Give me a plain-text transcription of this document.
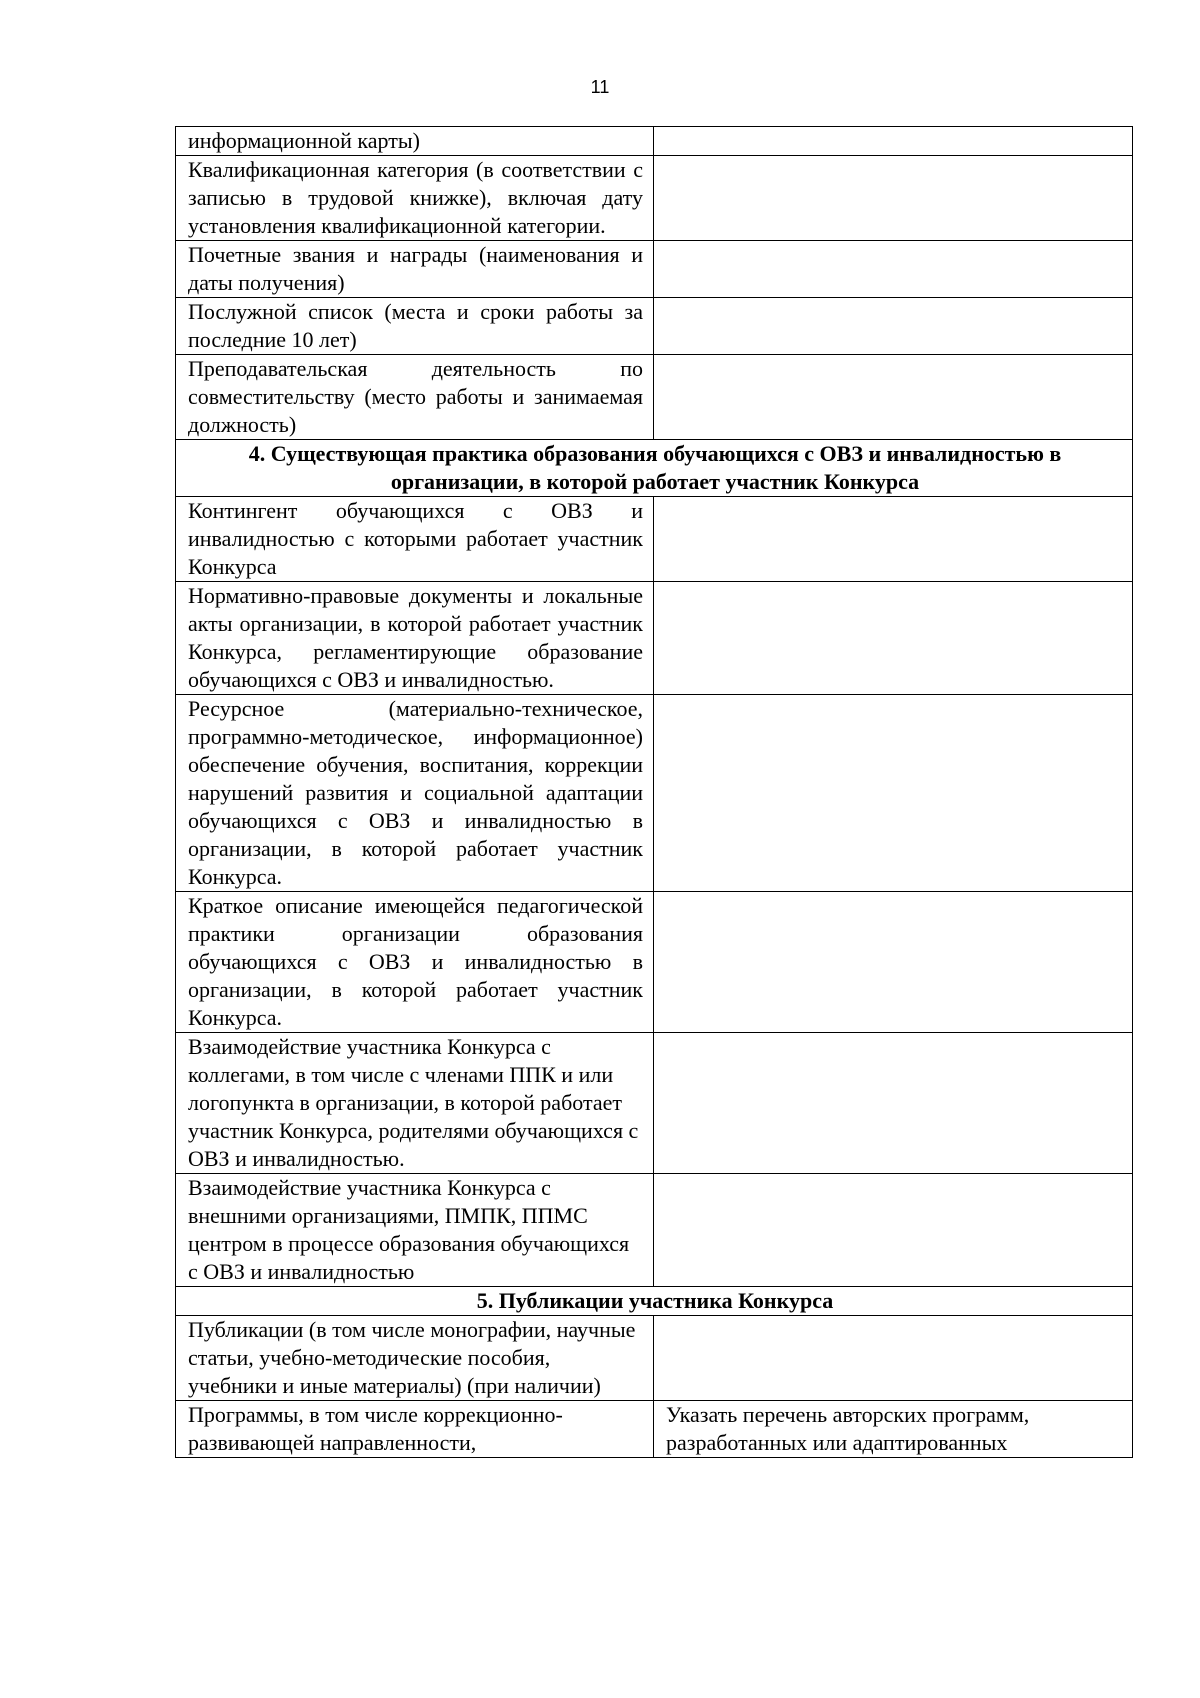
11
информационной карты)	
Квалификационная категория (в соответствии с записью в трудовой книжке), включая дату установления квалификационной категории.	
Почетные звания и награды (наименования и даты получения)	
Послужной список (места и сроки работы за последние 10 лет)	
Преподавательская деятельность по совместительству (место работы и занимаемая должность)	
4. Существующая практика образования обучающихся с ОВЗ и инвалидностью в организации, в которой работает участник Конкурса	
Контингент обучающихся с ОВЗ и инвалидностью с которыми работает участник Конкурса	
Нормативно-правовые документы и локальные акты организации, в которой работает участник Конкурса, регламентирующие образование обучающихся с ОВЗ и инвалидностью.	
Ресурсное (материально-техническое, программно-методическое, информационное) обеспечение обучения, воспитания, коррекции нарушений развития и социальной адаптации обучающихся с ОВЗ и инвалидностью в организации, в которой работает участник Конкурса.	
Краткое описание имеющейся педагогической практики организации образования обучающихся с ОВЗ и инвалидностью в организации, в которой работает участник Конкурса.	
Взаимодействие участника Конкурса с коллегами, в том числе с членами ППК и или логопункта в организации, в которой работает участник Конкурса, родителями обучающихся с ОВЗ и инвалидностью.	
Взаимодействие участника Конкурса с внешними организациями, ПМПК, ППМС центром в процессе образования обучающихся с ОВЗ и инвалидностью	
5. Публикации участника Конкурса	
Публикации (в том числе монографии, научные статьи, учебно-методические пособия, учебники и иные материалы) (при наличии)	
Программы, в том числе коррекционно-развивающей направленности,	Указать перечень авторских программ, разработанных или адаптированных
